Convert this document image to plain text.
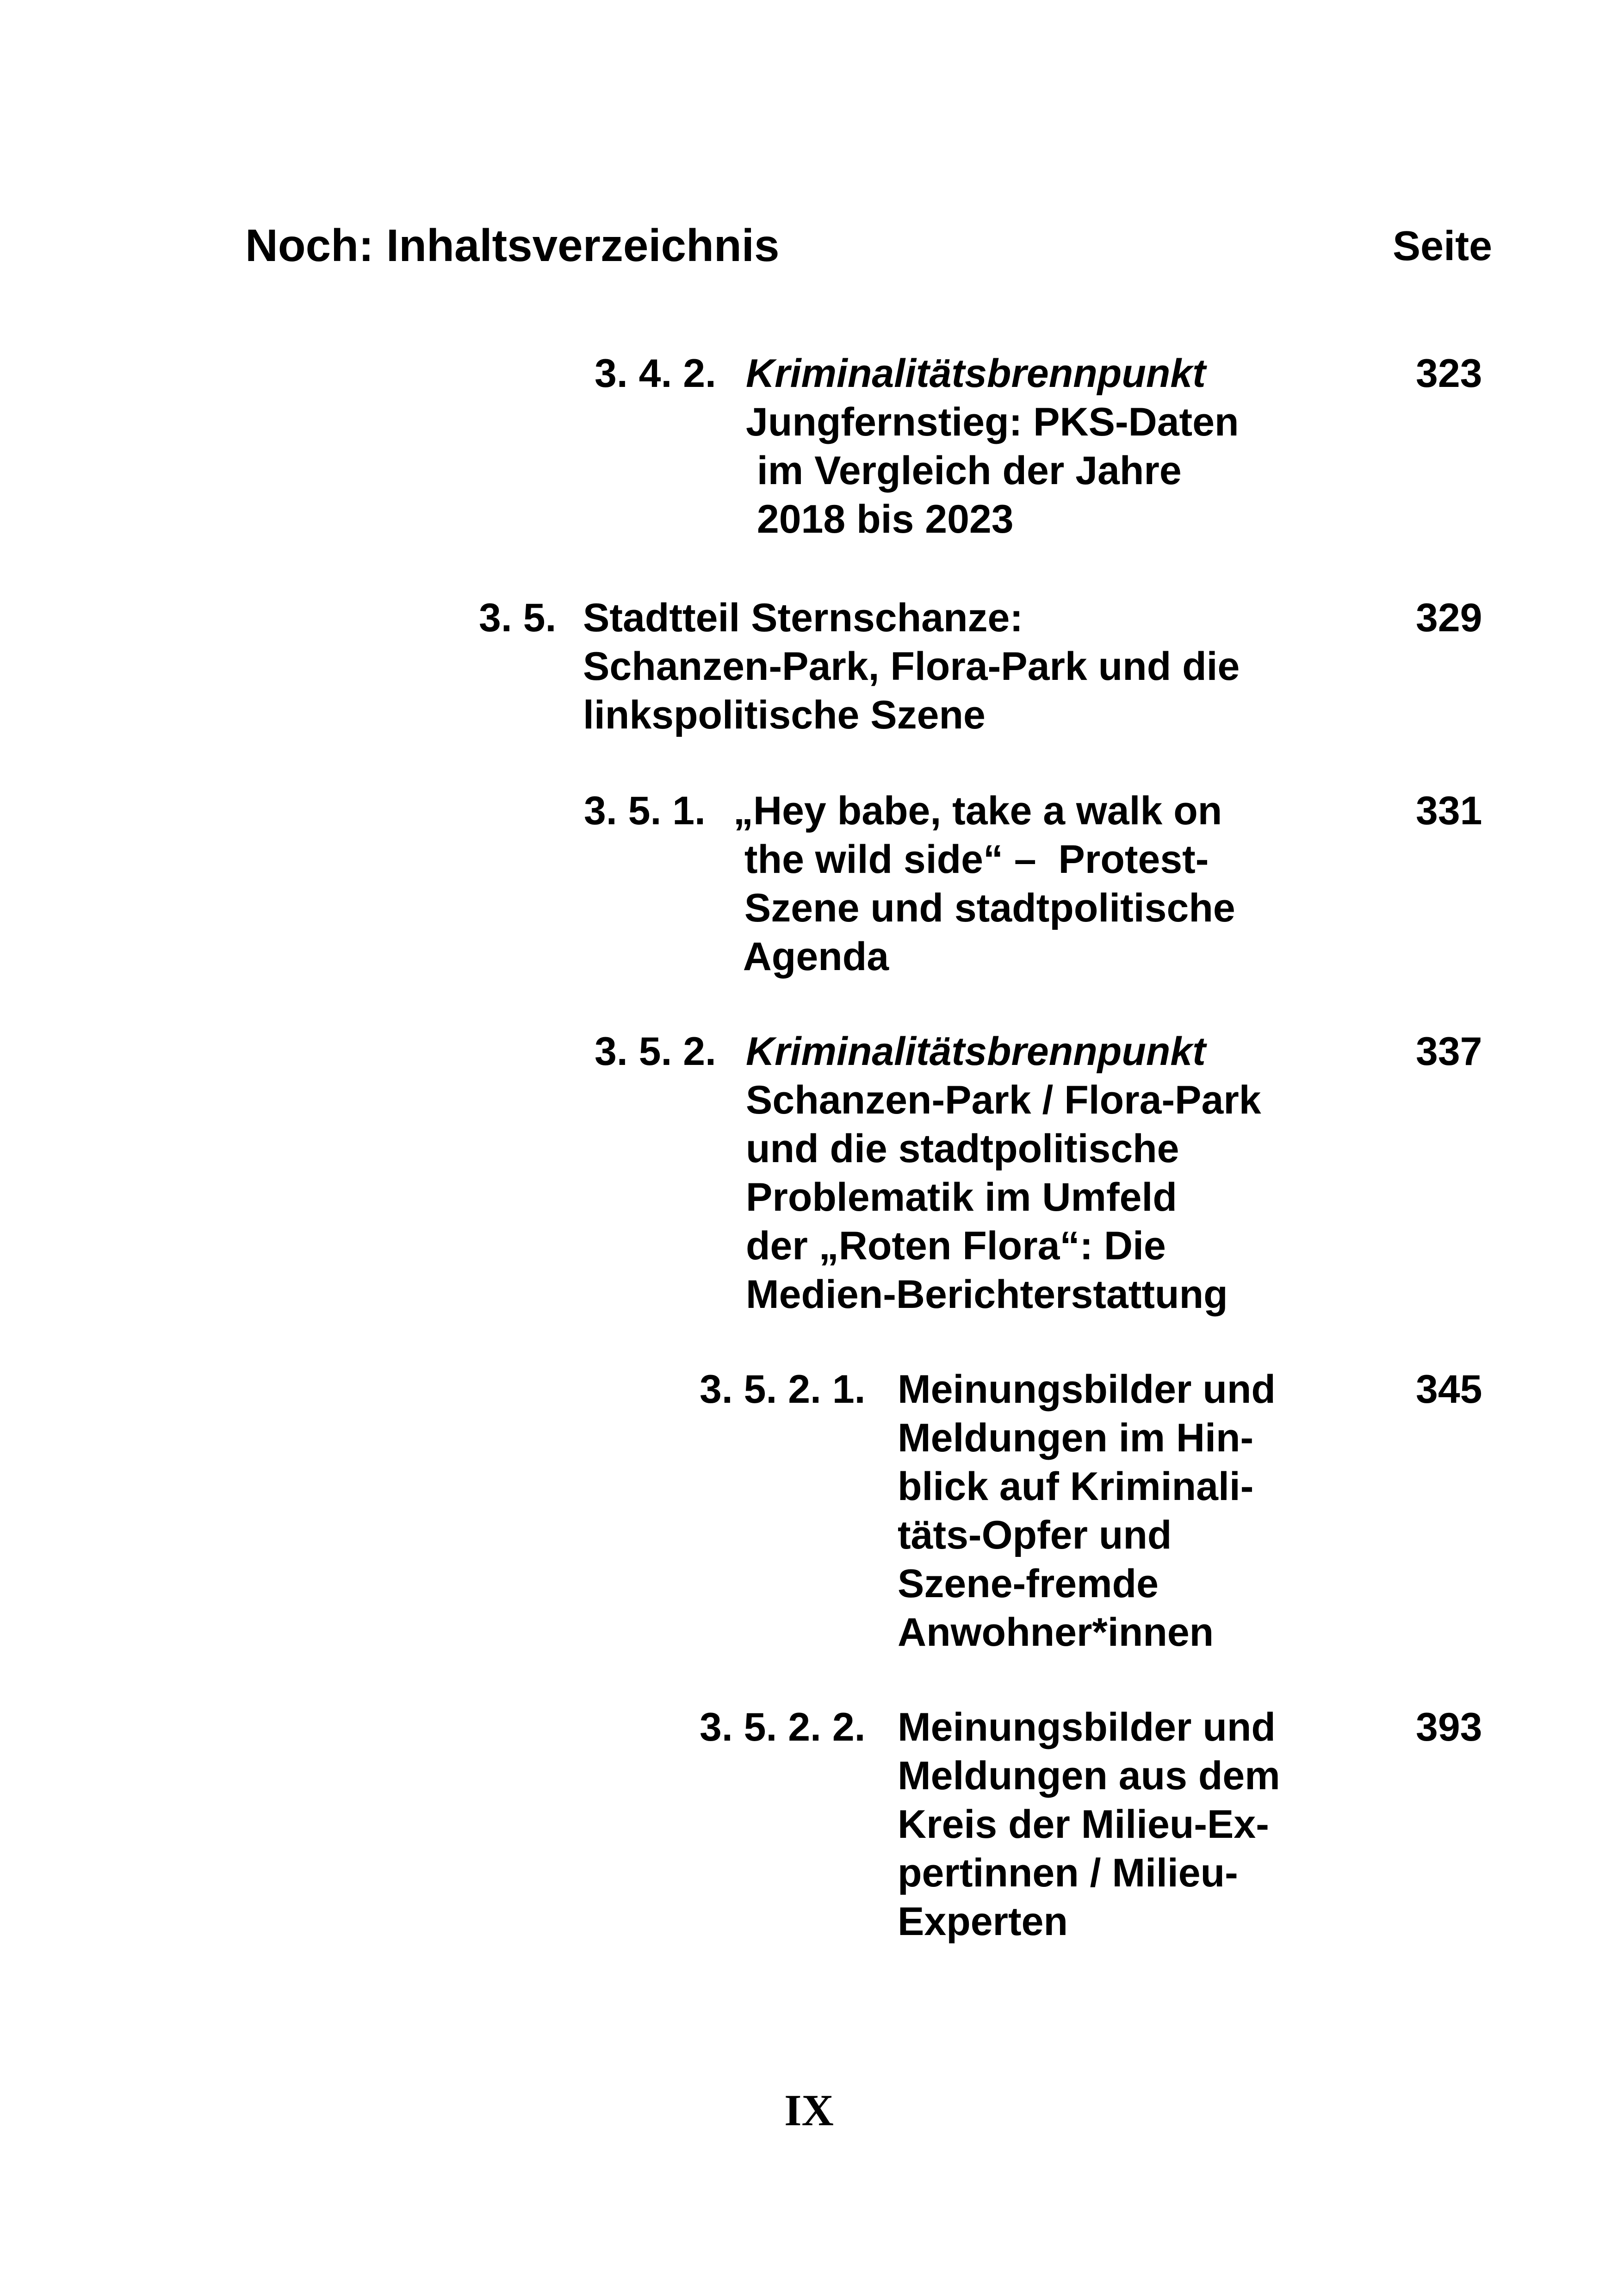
Noch: Inhaltsverzeichnis	Seite
3. 4. 2. Kriminalitätsbrennpunkt
Jungfernstieg: PKS-Daten
im Vergleich der Jahre
2018 bis 2023
323
3. 5. Stadtteil Sternschanze:
Schanzen-Park, Flora-Park und die
linkspolitische Szene
329
3. 5. 1. „Hey babe, take a walk on
the wild side“ –  Protest-
Szene und stadtpolitische
Agenda
331
3. 5. 2. Kriminalitätsbrennpunkt
Schanzen-Park / Flora-Park
und die stadtpolitische
Problematik im Umfeld
der „Roten Flora“: Die
Medien-Berichterstattung
337
3. 5. 2. 1. Meinungsbilder und
Meldungen im Hin-
blick auf Kriminali-
täts-Opfer und
Szene-fremde
Anwohner*innen
345
3. 5. 2. 2. Meinungsbilder und
Meldungen aus dem
Kreis der Milieu-Ex-
pertinnen / Milieu-
Experten
393
IX
